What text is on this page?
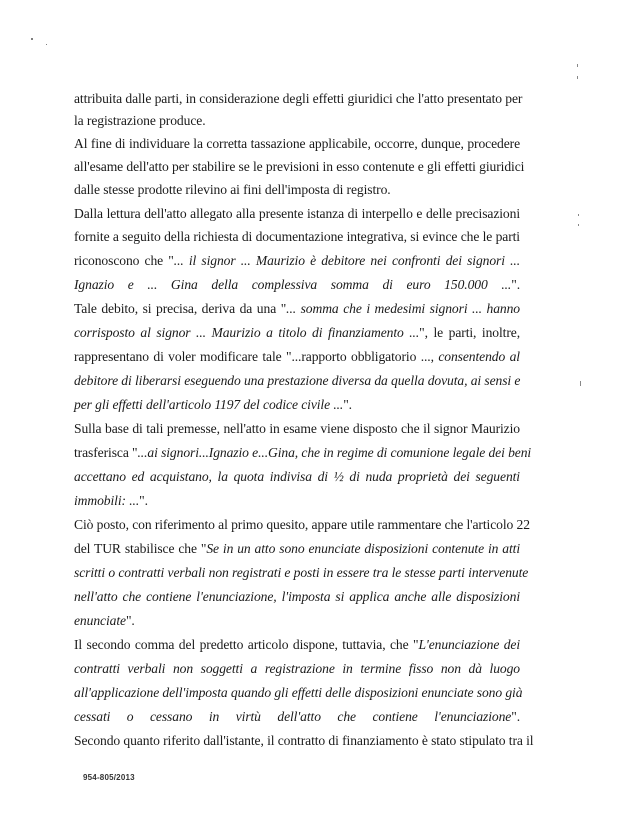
attribuita dalle parti, in considerazione degli effetti giuridici che l'atto presentato per
la registrazione produce.
Al fine di individuare la corretta tassazione applicabile, occorre, dunque, procedere
all'esame dell'atto per stabilire se le previsioni in esso contenute e gli effetti giuridici
dalle stesse prodotte rilevino ai fini dell'imposta di registro.
Dalla lettura dell'atto allegato alla presente istanza di interpello e delle precisazioni
fornite a seguito della richiesta di documentazione integrativa, si evince che le parti
riconoscono che "... il signor ... Maurizio è debitore nei confronti dei signori ...
Ignazio e ... Gina della complessiva somma di euro 150.000 ...".
Tale debito, si precisa, deriva da una "... somma che i medesimi signori ... hanno
corrisposto al signor ... Maurizio a titolo di finanziamento ...", le parti, inoltre,
rappresentano di voler modificare tale "...rapporto obbligatorio ..., consentendo al
debitore di liberarsi eseguendo una prestazione diversa da quella dovuta, ai sensi e
per gli effetti dell'articolo 1197 del codice civile ...".
Sulla base di tali premesse, nell'atto in esame viene disposto che il signor Maurizio
trasferisca "...ai signori...Ignazio e...Gina, che in regime di comunione legale dei beni
accettano ed acquistano, la quota indivisa di ½ di nuda proprietà dei seguenti
immobili: ...".
Ciò posto, con riferimento al primo quesito, appare utile rammentare che l'articolo 22
del TUR stabilisce che "Se in un atto sono enunciate disposizioni contenute in atti
scritti o contratti verbali non registrati e posti in essere tra le stesse parti intervenute
nell'atto che contiene l'enunciazione, l'imposta si applica anche alle disposizioni
enunciate".
Il secondo comma del predetto articolo dispone, tuttavia, che "L'enunciazione dei
contratti verbali non soggetti a registrazione in termine fisso non dà luogo
all'applicazione dell'imposta quando gli effetti delle disposizioni enunciate sono già
cessati o cessano in virtù dell'atto che contiene l'enunciazione".
Secondo quanto riferito dall'istante, il contratto di finanziamento è stato stipulato tra il
954-805/2013
